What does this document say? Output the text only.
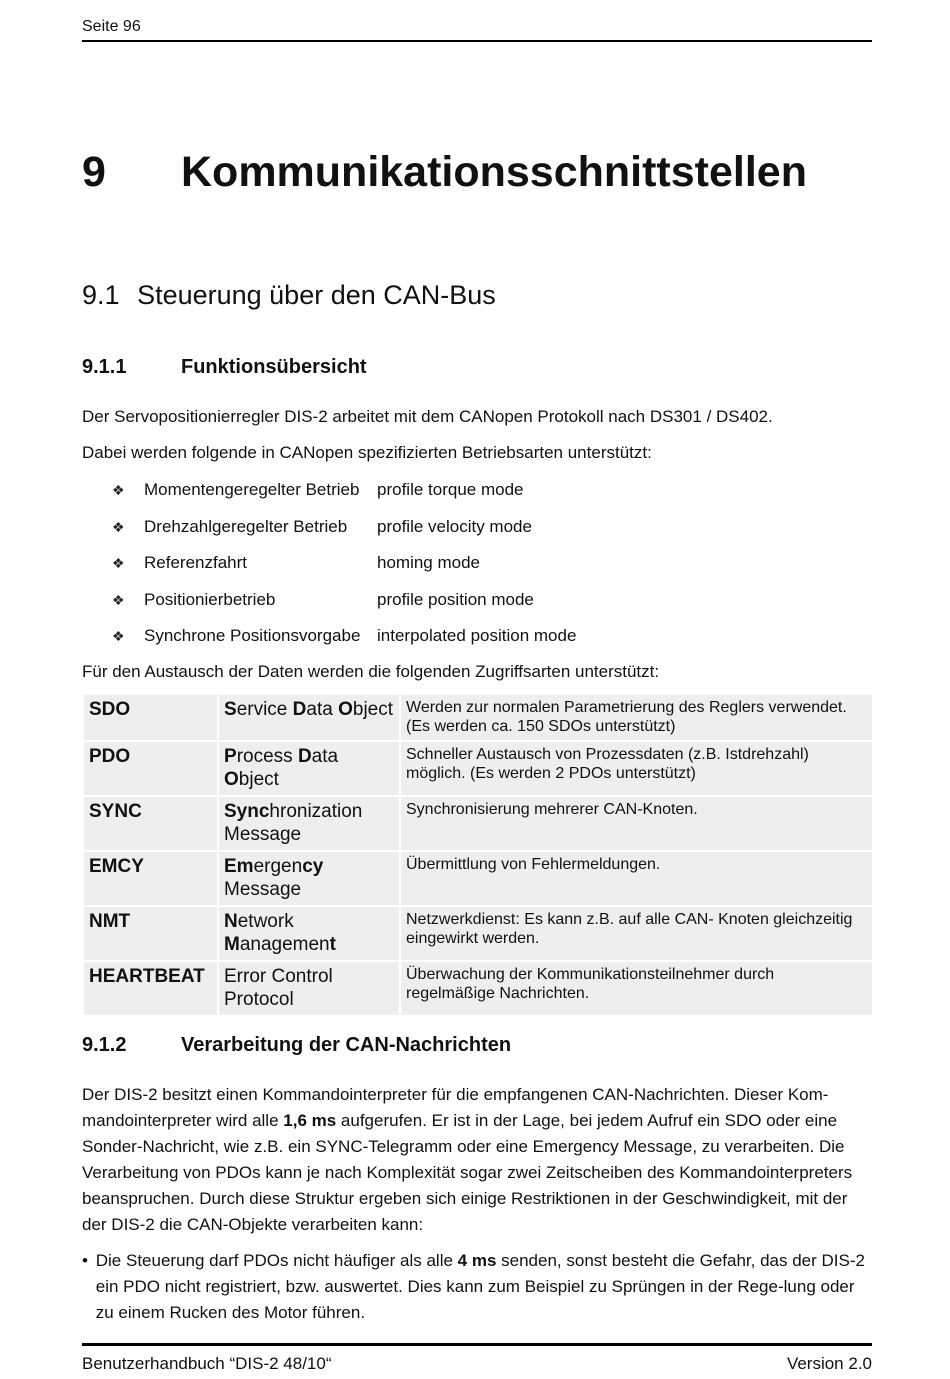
Seite 96
9	Kommunikationsschnittstellen
9.1 Steuerung über den CAN-Bus
9.1.1	Funktionsübersicht
Der Servopositionierregler DIS-2 arbeitet mit dem CANopen Protokoll nach DS301 / DS402.
Dabei werden folgende in CANopen spezifizierten Betriebsarten unterstützt:
❖	Momentengeregelter Betrieb	profile torque mode
❖	Drehzahlgeregelter Betrieb	profile velocity mode
❖	Referenzfahrt	homing mode
❖	Positionierbetrieb	profile position mode
❖	Synchrone Positionsvorgabe interpolated position mode
Für den Austausch der Daten werden die folgenden Zugriffsarten unterstützt:
SDO	Service Data Object	Werden zur normalen Parametrierung des Reglers verwendet. (Es werden ca. 150 SDOs unterstützt)
PDO	Process Data Object	Schneller Austausch von Prozessdaten (z.B. Istdrehzahl) möglich. (Es werden 2 PDOs unterstützt)
SYNC	Synchronization Message	Synchronisierung mehrerer CAN-Knoten.
EMCY	Emergency Message	Übermittlung von Fehlermeldungen.
NMT	Network Management	Netzwerkdienst: Es kann z.B. auf alle CAN- Knoten gleichzeitig eingewirkt werden.
HEARTBEAT	Error Control Protocol	Überwachung der Kommunikationsteilnehmer durch regelmäßige Nachrichten.
9.1.2	Verarbeitung der CAN-Nachrichten
Der DIS-2 besitzt einen Kommandointerpreter für die empfangenen CAN-Nachrichten. Dieser Kom-mandointerpreter wird alle 1,6 ms aufgerufen. Er ist in der Lage, bei jedem Aufruf ein SDO oder eine Sonder-Nachricht, wie z.B. ein SYNC-Telegramm oder eine Emergency Message, zu verarbeiten. Die Verarbeitung von PDOs kann je nach Komplexität sogar zwei Zeitscheiben des Kommandointerpreters beanspruchen. Durch diese Struktur ergeben sich einige Restriktionen in der Geschwindigkeit, mit der der DIS-2 die CAN-Objekte verarbeiten kann:
• Die Steuerung darf PDOs nicht häufiger als alle 4 ms senden, sonst besteht die Gefahr, das der DIS-2 ein PDO nicht registriert, bzw. auswertet. Dies kann zum Beispiel zu Sprüngen in der Rege-lung oder zu einem Rucken des Motor führen.
Benutzerhandbuch “DIS-2 48/10“	Version 2.0
